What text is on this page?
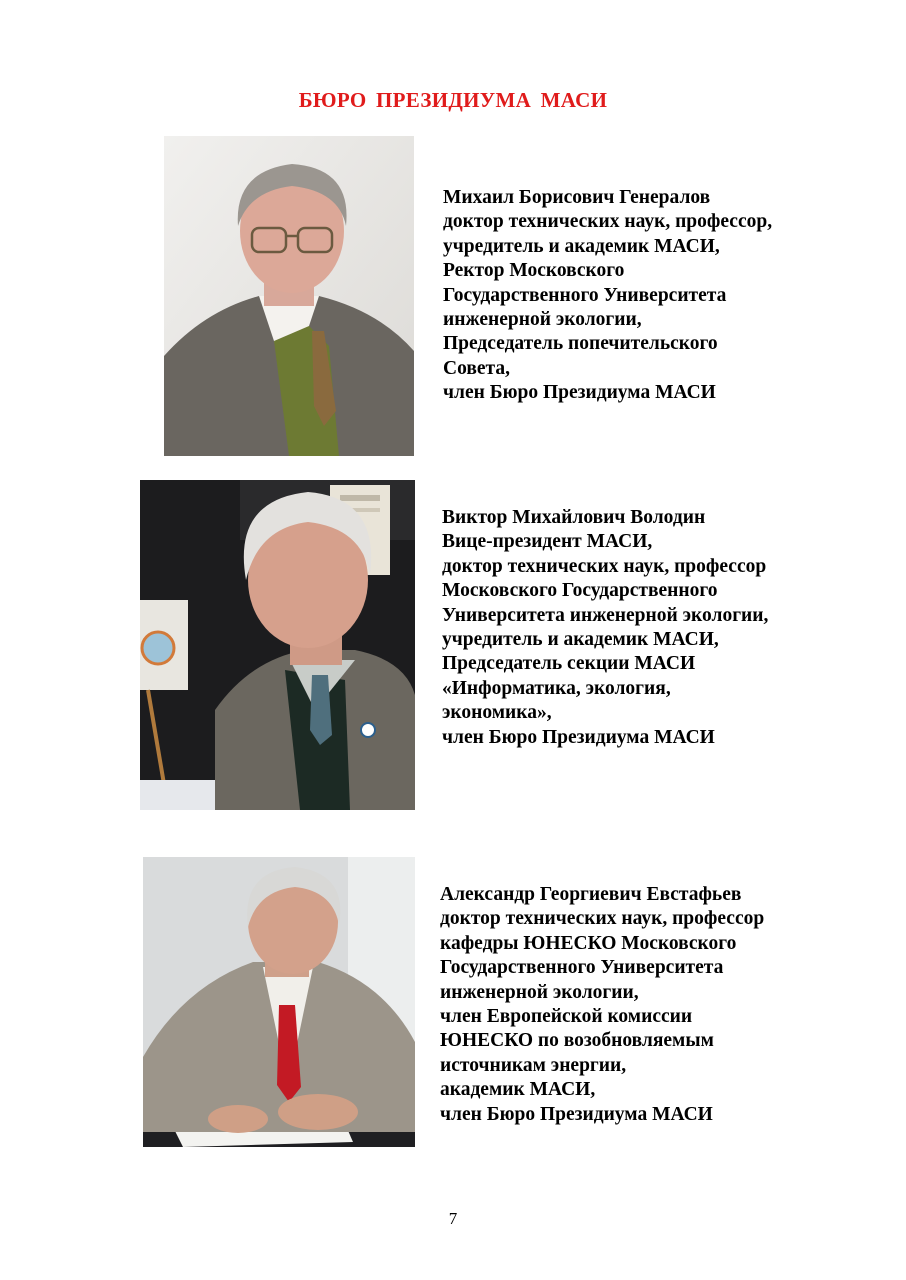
БЮРО ПРЕЗИДИУМА МАСИ
Михаил Борисович Генералов
доктор технических наук, профессор,
учредитель и академик МАСИ,
Ректор Московского
Государственного Университета
инженерной экологии,
Председатель попечительского
Совета,
член Бюро Президиума МАСИ
Виктор Михайлович Володин
Вице-президент МАСИ,
доктор технических наук, профессор
Московского Государственного
Университета инженерной экологии,
учредитель и академик МАСИ,
Председатель секции МАСИ
«Информатика, экология,
экономика»,
член Бюро Президиума МАСИ
Александр Георгиевич Евстафьев
доктор технических наук, профессор
кафедры ЮНЕСКО Московского
Государственного Университета
инженерной экологии,
член Европейской комиссии
ЮНЕСКО по возобновляемым
источникам энергии,
академик МАСИ,
член Бюро Президиума МАСИ
7
